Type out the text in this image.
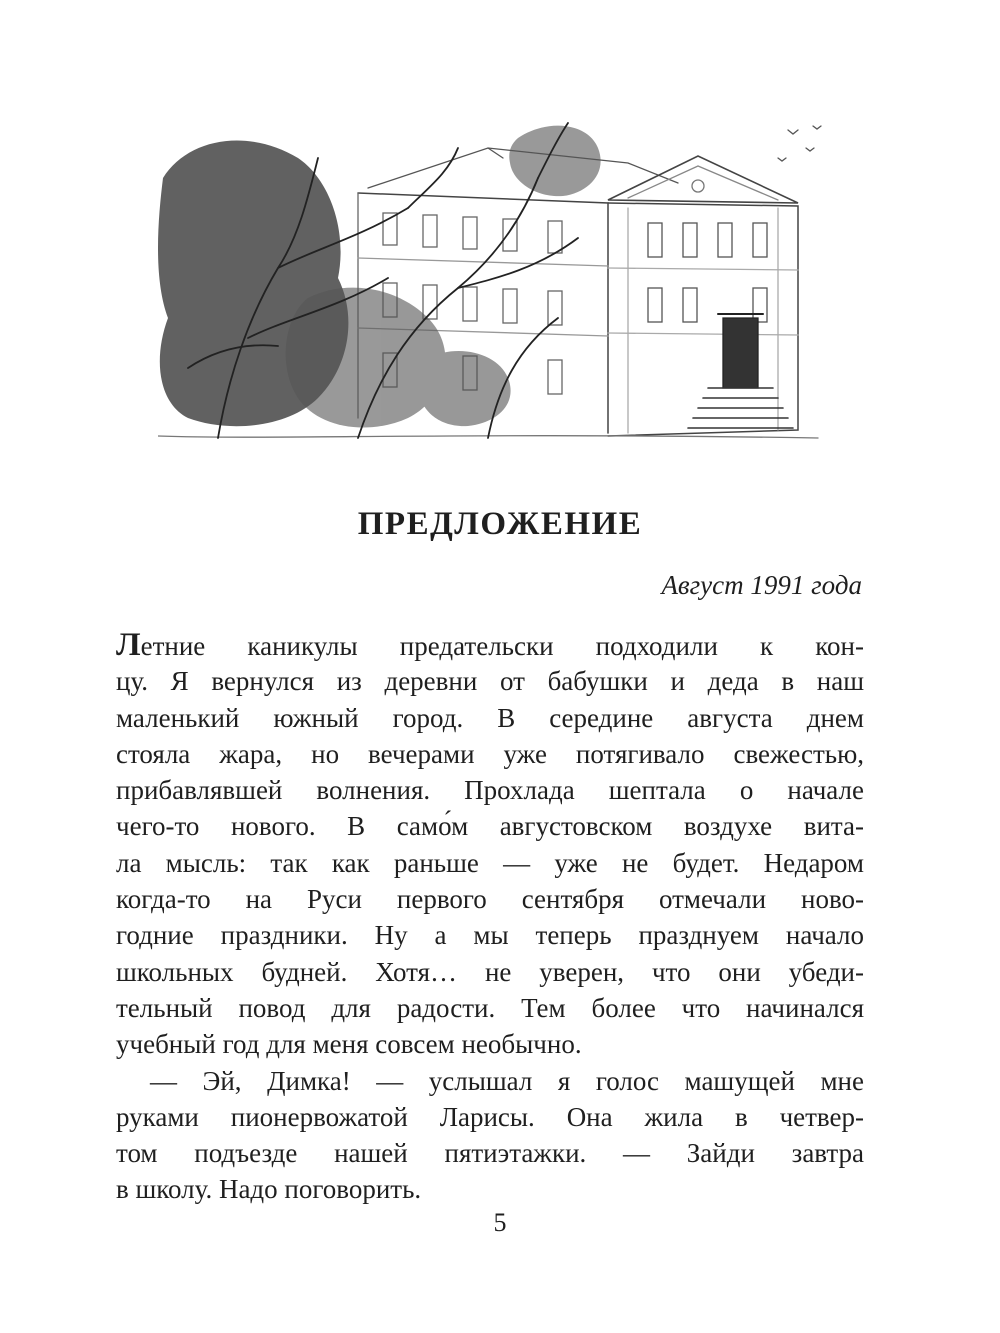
ПРЕДЛОЖЕНИЕ

Август 1991 года

Летние каникулы предательски подходили к кон-
цу. Я вернулся из деревни от бабушки и деда в наш
маленький южный город. В середине августа днем
стояла жара, но вечерами уже потягивало свежестью,
прибавлявшей волнения. Прохлада шептала о начале
чего-то нового. В само́м августовском воздухе вита-
ла мысль: так как раньше — уже не будет. Недаром
когда-то на Руси первого сентября отмечали ново-
годние праздники. Ну а мы теперь празднуем начало
школьных будней. Хотя… не уверен, что они убеди-
тельный повод для радости. Тем более что начинался
учебный год для меня совсем необычно.
— Эй, Димка! — услышал я голос машущей мне
руками пионервожатой Ларисы. Она жила в четвер-
том подъезде нашей пятиэтажки. — Зайди завтра
в школу. Надо поговорить.

5
